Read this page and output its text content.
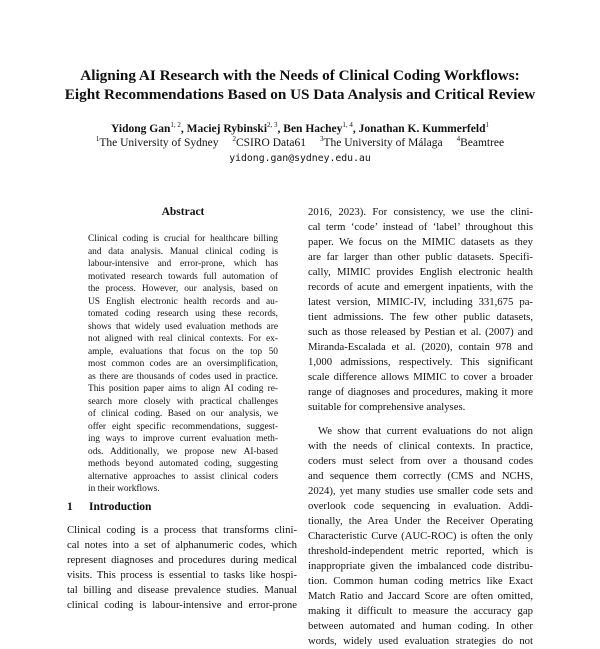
Aligning AI Research with the Needs of Clinical Coding Workflows:
Eight Recommendations Based on US Data Analysis and Critical Review
Yidong Gan$^{1, 2}$, Maciej Rybinski$^{2, 3}$, Ben Hachey$^{1, 4}$, Jonathan K. Kummerfeld$^1$
$^1$The University of Sydney $^2$CSIRO Data61 $^3$The University of Málaga $^4$Beamtree
yidong.gan@sydney.edu.au
Abstract
Clinical coding is crucial for healthcare billing
and data analysis. Manual clinical coding is
labour-intensive and error-prone, which has
motivated research towards full automation of
the process. However, our analysis, based on
US English electronic health records and au-
tomated coding research using these records,
shows that widely used evaluation methods are
not aligned with real clinical contexts. For ex-
ample, evaluations that focus on the top 50
most common codes are an oversimplification,
as there are thousands of codes used in practice.
This position paper aims to align AI coding re-
search more closely with practical challenges
of clinical coding. Based on our analysis, we
offer eight specific recommendations, suggest-
ing ways to improve current evaluation meth-
ods. Additionally, we propose new AI-based
methods beyond automated coding, suggesting
alternative approaches to assist clinical coders
in their workflows.
1 Introduction
Clinical coding is a process that transforms clini-
cal notes into a set of alphanumeric codes, which
represent diagnoses and procedures during medical
visits. This process is essential to tasks like hospi-
tal billing and disease prevalence studies. Manual
clinical coding is labour-intensive and error-prone
2016, 2023). For consistency, we use the clini-
cal term ‘code’ instead of ‘label’ throughout this
paper. We focus on the MIMIC datasets as they
are far larger than other public datasets. Specifi-
cally, MIMIC provides English electronic health
records of acute and emergent inpatients, with the
latest version, MIMIC-IV, including 331,675 pa-
tient admissions. The few other public datasets,
such as those released by Pestian et al. (2007) and
Miranda-Escalada et al. (2020), contain 978 and
1,000 admissions, respectively. This significant
scale difference allows MIMIC to cover a broader
range of diagnoses and procedures, making it more
suitable for comprehensive analyses.
We show that current evaluations do not align
with the needs of clinical contexts. In practice,
coders must select from over a thousand codes
and sequence them correctly (CMS and NCHS,
2024), yet many studies use smaller code sets and
overlook code sequencing in evaluation. Addi-
tionally, the Area Under the Receiver Operating
Characteristic Curve (AUC-ROC) is often the only
threshold-independent metric reported, which is
inappropriate given the imbalanced code distribu-
tion. Common human coding metrics like Exact
Match Ratio and Jaccard Score are often omitted,
making it difficult to measure the accuracy gap
between automated and human coding. In other
words, widely used evaluation strategies do not
